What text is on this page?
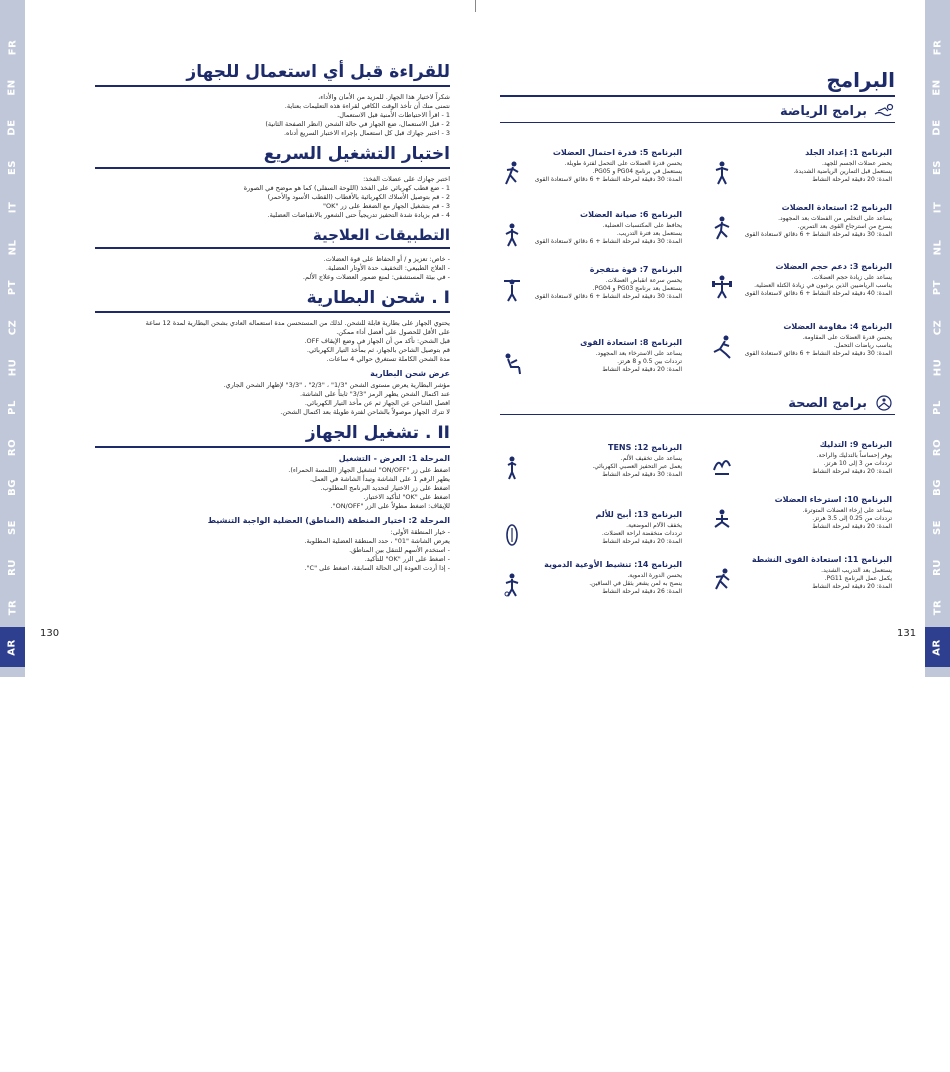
FR
EN
DE
ES
IT
NL
PT
CZ
HU
PL
RO
BG
SE
RU
TR
AR
FR
EN
DE
ES
IT
NL
PT
CZ
HU
PL
RO
BG
SE
RU
TR
AR
130	131
للقراءة قبل أي استعمال للجهاز
شكراً لاختيار هذا الجهاز. للمزيد من الأمان والأداء،
نتمنى منك أن تأخذ الوقت الكافي لقراءة هذه التعليمات بعناية.
1 - اقرأ الاحتياطات الأمنية قبل الاستعمال.
2 - قبل الاستعمال، ضع الجهاز في حالة الشحن (انظر الصفحة الثانية)
3 - اختبر جهازك قبل كل استعمال بإجراء الاختبار السريع أدناه.
اختبار التشغيل السريع
اختبر جهازك على عضلات الفخذ:
1 - ضع قطب كهربائي على الفخذ (اللوحة السفلى) كما هو موضح في الصورة
2 - قم بتوصيل الأسلاك الكهربائية بالأقطاب (القطب الأسود والأحمر)
3 - قم بتشغيل الجهاز مع الضغط على زر "OK"
4 - قم بزيادة شدة التحفيز تدريجياً حتى الشعور بالانقباضات العضلية.
التطبيقات العلاجية
- خاص: تعزيز و / أو الحفاظ على قوة العضلات.
- العلاج الطبيعي: التخفيف حدة الأوتار العضلية.
- في بيئة المستشفى: لمنع ضمور العضلات وعلاج الألم.
I . شحن البطارية
يحتوي الجهاز على بطارية قابلة للشحن. لذلك من المستحسن مدة استعماله العادي بشحن البطارية لمدة 12 ساعة
على الأقل للحصول على أفضل أداء ممكن.
قبل الشحن: تأكد من أن الجهاز في وضع الإيقاف OFF.
قم بتوصيل الشاحن بالجهاز، ثم بمأخذ التيار الكهربائي.
مدة الشحن الكاملة تستغرق حوالي 4 ساعات.
عرض شحن البطارية
مؤشر البطارية يعرض مستوى الشحن "1/3" ، "2/3" ، "3/3" لإظهار الشحن الجاري.
عند اكتمال الشحن يظهر الرمز "3/3" ثابتاً على الشاشة.
افصل الشاحن عن الجهاز ثم عن مأخذ التيار الكهربائي.
لا تترك الجهاز موصولاً بالشاحن لفترة طويلة بعد اكتمال الشحن.
II . تشغيل الجهاز
المرحلة 1: العرض - التشغيل
اضغط على زر "ON/OFF" لتشغيل الجهاز (اللمسة الحمراء).
يظهر الرقم 1 على الشاشة وتبدأ الشاشة في العمل.
اضغط على زر الاختيار لتحديد البرنامج المطلوب.
اضغط على "OK" لتأكيد الاختيار.
للإيقاف: اضغط مطولاً على الزر "ON/OFF".
المرحلة 2: اختيار المنطقة (المناطق) العضلية الواجبة التنشيط
- خيار المنطقة الأولى:
يعرض الشاشة "01" ، حدد المنطقة العضلية المطلوبة.
- استخدم الأسهم للتنقل بين المناطق.
- اضغط على الزر "OK" للتأكيد.
- إذا أردت العودة إلى الحالة السابقة، اضغط على "C".
البرامج
برامج الرياضة
برامج الصحة
البرنامج 1: إعداد الجلد
يحضر عضلات الجسم للجهد.
يستعمل قبل التمارين الرياضية الشديدة.
المدة: 20 دقيقة لمرحلة النشاط
البرنامج 2: استعادة العضلات
يساعد على التخلص من الفضلات بعد المجهود.
يسرع من استرجاع القوى بعد التمرين.
المدة: 30 دقيقة لمرحلة النشاط + 6 دقائق لاستعادة القوى
البرنامج 3: دعم حجم العضلات
يساعد على زيادة حجم العضلات.
يناسب الرياضيين الذين يرغبون في زيادة الكتلة العضلية.
المدة: 40 دقيقة لمرحلة النشاط + 6 دقائق لاستعادة القوى
البرنامج 4: مقاومة العضلات
يحسن قدرة العضلات على المقاومة.
يناسب رياضات التحمل.
المدة: 30 دقيقة لمرحلة النشاط + 6 دقائق لاستعادة القوى
البرنامج 5: قدرة احتمال العضلات
يحسن قدرة العضلات على التحمل لفترة طويلة.
يستعمل في برنامج PG04 و PG05.
المدة: 30 دقيقة لمرحلة النشاط + 6 دقائق لاستعادة القوى
البرنامج 6: صيانة العضلات
يحافظ على المكتسبات العضلية.
يستعمل بعد فترة التدريب.
المدة: 30 دقيقة لمرحلة النشاط + 6 دقائق لاستعادة القوى
البرنامج 7: قوة متفجرة
يحسن سرعة انقباض العضلات.
يستعمل بعد برنامج PG03 و PG04.
المدة: 30 دقيقة لمرحلة النشاط + 6 دقائق لاستعادة القوى
البرنامج 8: استعادة القوى
يساعد على الاسترخاء بعد المجهود.
ترددات بين 0.5 و 8 هرتز.
المدة: 20 دقيقة لمرحلة النشاط
البرنامج 9: التدليك
يوفر إحساساً بالتدليك والراحة.
ترددات من 3 إلى 10 هرتز.
المدة: 20 دقيقة لمرحلة النشاط
البرنامج 10: استرخاء العضلات
يساعد على إرخاء العضلات المتوترة.
ترددات من 0.25 إلى 3.5 هرتز.
المدة: 20 دقيقة لمرحلة النشاط
البرنامج 11: استعادة القوى النشطة
يستعمل بعد التدريب الشديد.
يكمل عمل البرنامج PG11.
المدة: 20 دقيقة لمرحلة النشاط
البرنامج 12: TENS
يساعد على تخفيف الألم.
يعمل عبر التحفيز العصبي الكهربائي.
المدة: 30 دقيقة لمرحلة النشاط
البرنامج 13: أبيح للألم
يخفف الآلام الموضعية.
ترددات منخفضة لراحة العضلات.
المدة: 20 دقيقة لمرحلة النشاط
البرنامج 14: تنشيط الأوعية الدموية
يحسن الدورة الدموية.
ينصح به لمن يشعر بثقل في الساقين.
المدة: 26 دقيقة لمرحلة النشاط
